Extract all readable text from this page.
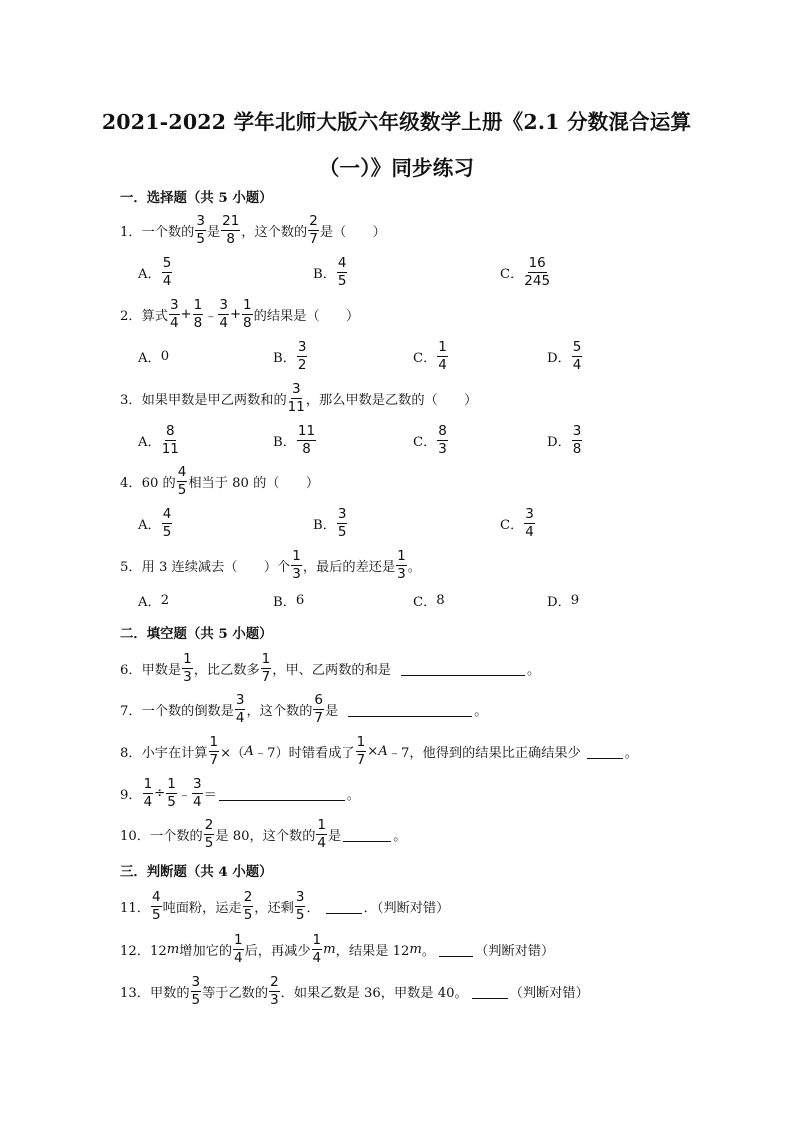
2021-2022 学年北师大版六年级数学上册《2.1 分数混合运算
（一）》同步练习
一．选择题（共 5 小题）
1．一个数的
3
5 是
21
8 ，这个数的
2
7 是（　　）
A．
5
4	B．
4
5	C．
16
245
2．算式
3
4
+ $\frac{1}{8}$ ﹣
3
4
+ $\frac{1}{8}$ 的结果是（　　）
A． 0	B．
3
2	C．
1
4	D．
5
4
3．如果甲数是甲乙两数和的
3
11 ，那么甲数是乙数的（　　）
A．
8
11	B．
11
8	C．
8
3	D．
3
8
4．60 的
4
5 相当于 80 的（　　）
A．
4
5	B．
3
5	C．
3
4
5．用 3 连续减去（　　）个
1
3 ，最后的差还是
1
3 。
A． 2	B． 6	C． 8	D． 9
二．填空题（共 5 小题）
6．甲数是
1
3 ，比乙数多
1
7 ，甲、乙两数的和是	。
7．一个数的倒数是
3
4 ，这个数的
6
7 是	。
8．小宇在计算 $\frac{1}{7}$ ×（ A ﹣7）时错看成了 $\frac{1}{7} \times A$ ﹣7，他得到的结果比正确结果少	。
9． $\frac{1}{4} \div \frac{1}{5}$ ﹣
3
4 ＝	。
10．一个数的
2
5 是 80，这个数的
1
4 是	。
三．判断题（共 4 小题）
11．
4
5 吨面粉，运走
2
5 ，还剩
3
5 ．	．（判断对错）
12．12 m 增加它的
1
4 后，再减少
1
4
m ，结果是 12 m 。	（判断对错）
13．甲数的
3
5 等于乙数的
2
3 ．如果乙数是 36，甲数是 40。	（判断对错）
